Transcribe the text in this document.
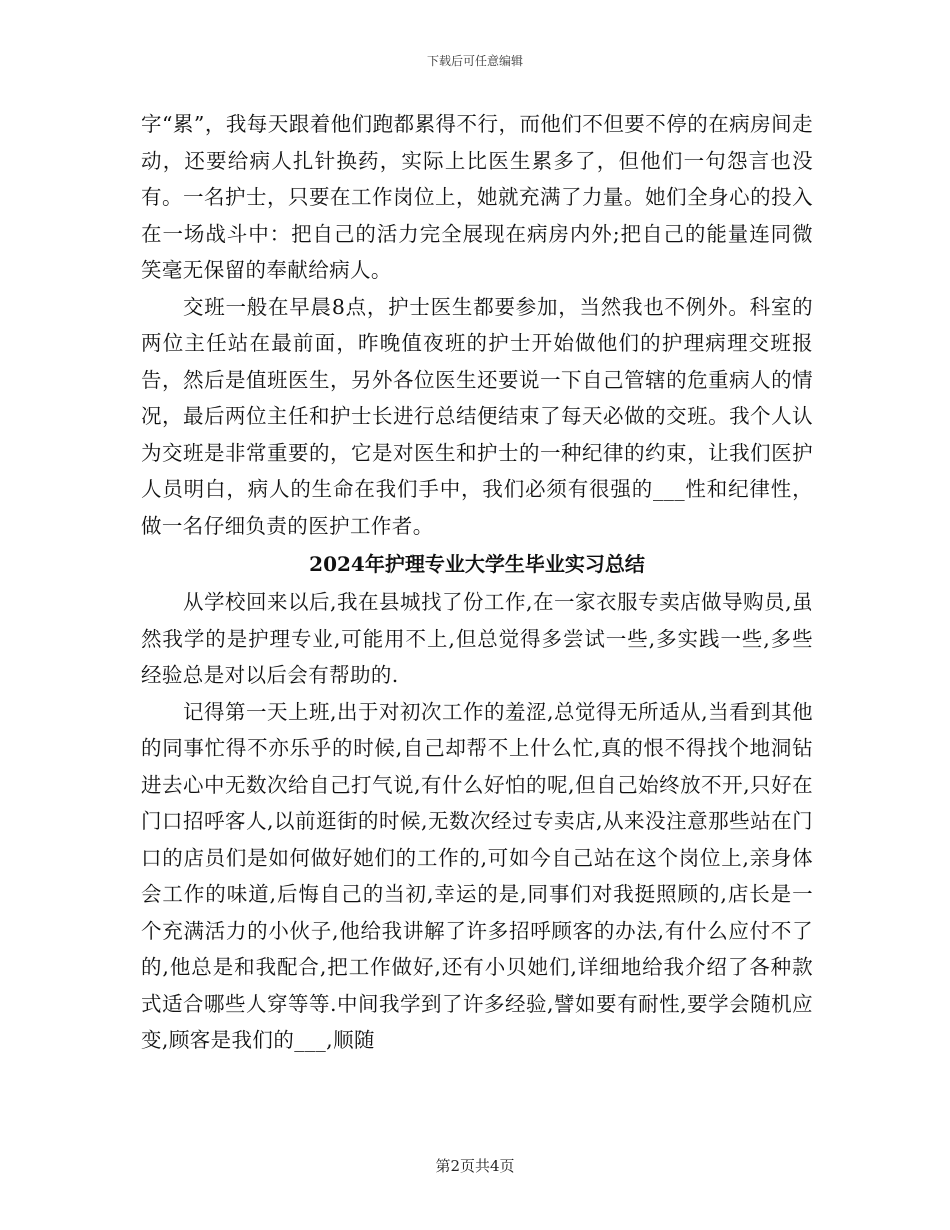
下载后可任意编辑

字“累”，我每天跟着他们跑都累得不行，而他们不但要不停的在病房间走动，还要给病人扎针换药，实际上比医生累多了，但他们一句怨言也没有。一名护士，只要在工作岗位上，她就充满了力量。她们全身心的投入在一场战斗中：把自己的活力完全展现在病房内外;把自己的能量连同微笑毫无保留的奉献给病人。

交班一般在早晨8点，护士医生都要参加，当然我也不例外。科室的两位主任站在最前面，昨晚值夜班的护士开始做他们的护理病理交班报告，然后是值班医生，另外各位医生还要说一下自己管辖的危重病人的情况，最后两位主任和护士长进行总结便结束了每天必做的交班。我个人认为交班是非常重要的，它是对医生和护士的一种纪律的约束，让我们医护人员明白，病人的生命在我们手中，我们必须有很强的___性和纪律性，做一名仔细负责的医护工作者。

2024年护理专业大学生毕业实习总结

从学校回来以后,我在县城找了份工作,在一家衣服专卖店做导购员,虽然我学的是护理专业,可能用不上,但总觉得多尝试一些,多实践一些,多些经验总是对以后会有帮助的.

记得第一天上班,出于对初次工作的羞涩,总觉得无所适从,当看到其他的同事忙得不亦乐乎的时候,自己却帮不上什么忙,真的恨不得找个地洞钻进去心中无数次给自己打气说,有什么好怕的呢,但自己始终放不开,只好在门口招呼客人,以前逛街的时候,无数次经过专卖店,从来没注意那些站在门口的店员们是如何做好她们的工作的,可如今自己站在这个岗位上,亲身体会工作的味道,后悔自己的当初,幸运的是,同事们对我挺照顾的,店长是一个充满活力的小伙子,他给我讲解了许多招呼顾客的办法,有什么应付不了的,他总是和我配合,把工作做好,还有小贝她们,详细地给我介绍了各种款式适合哪些人穿等等.中间我学到了许多经验,譬如要有耐性,要学会随机应变,顾客是我们的___,顺随

第2页共4页
